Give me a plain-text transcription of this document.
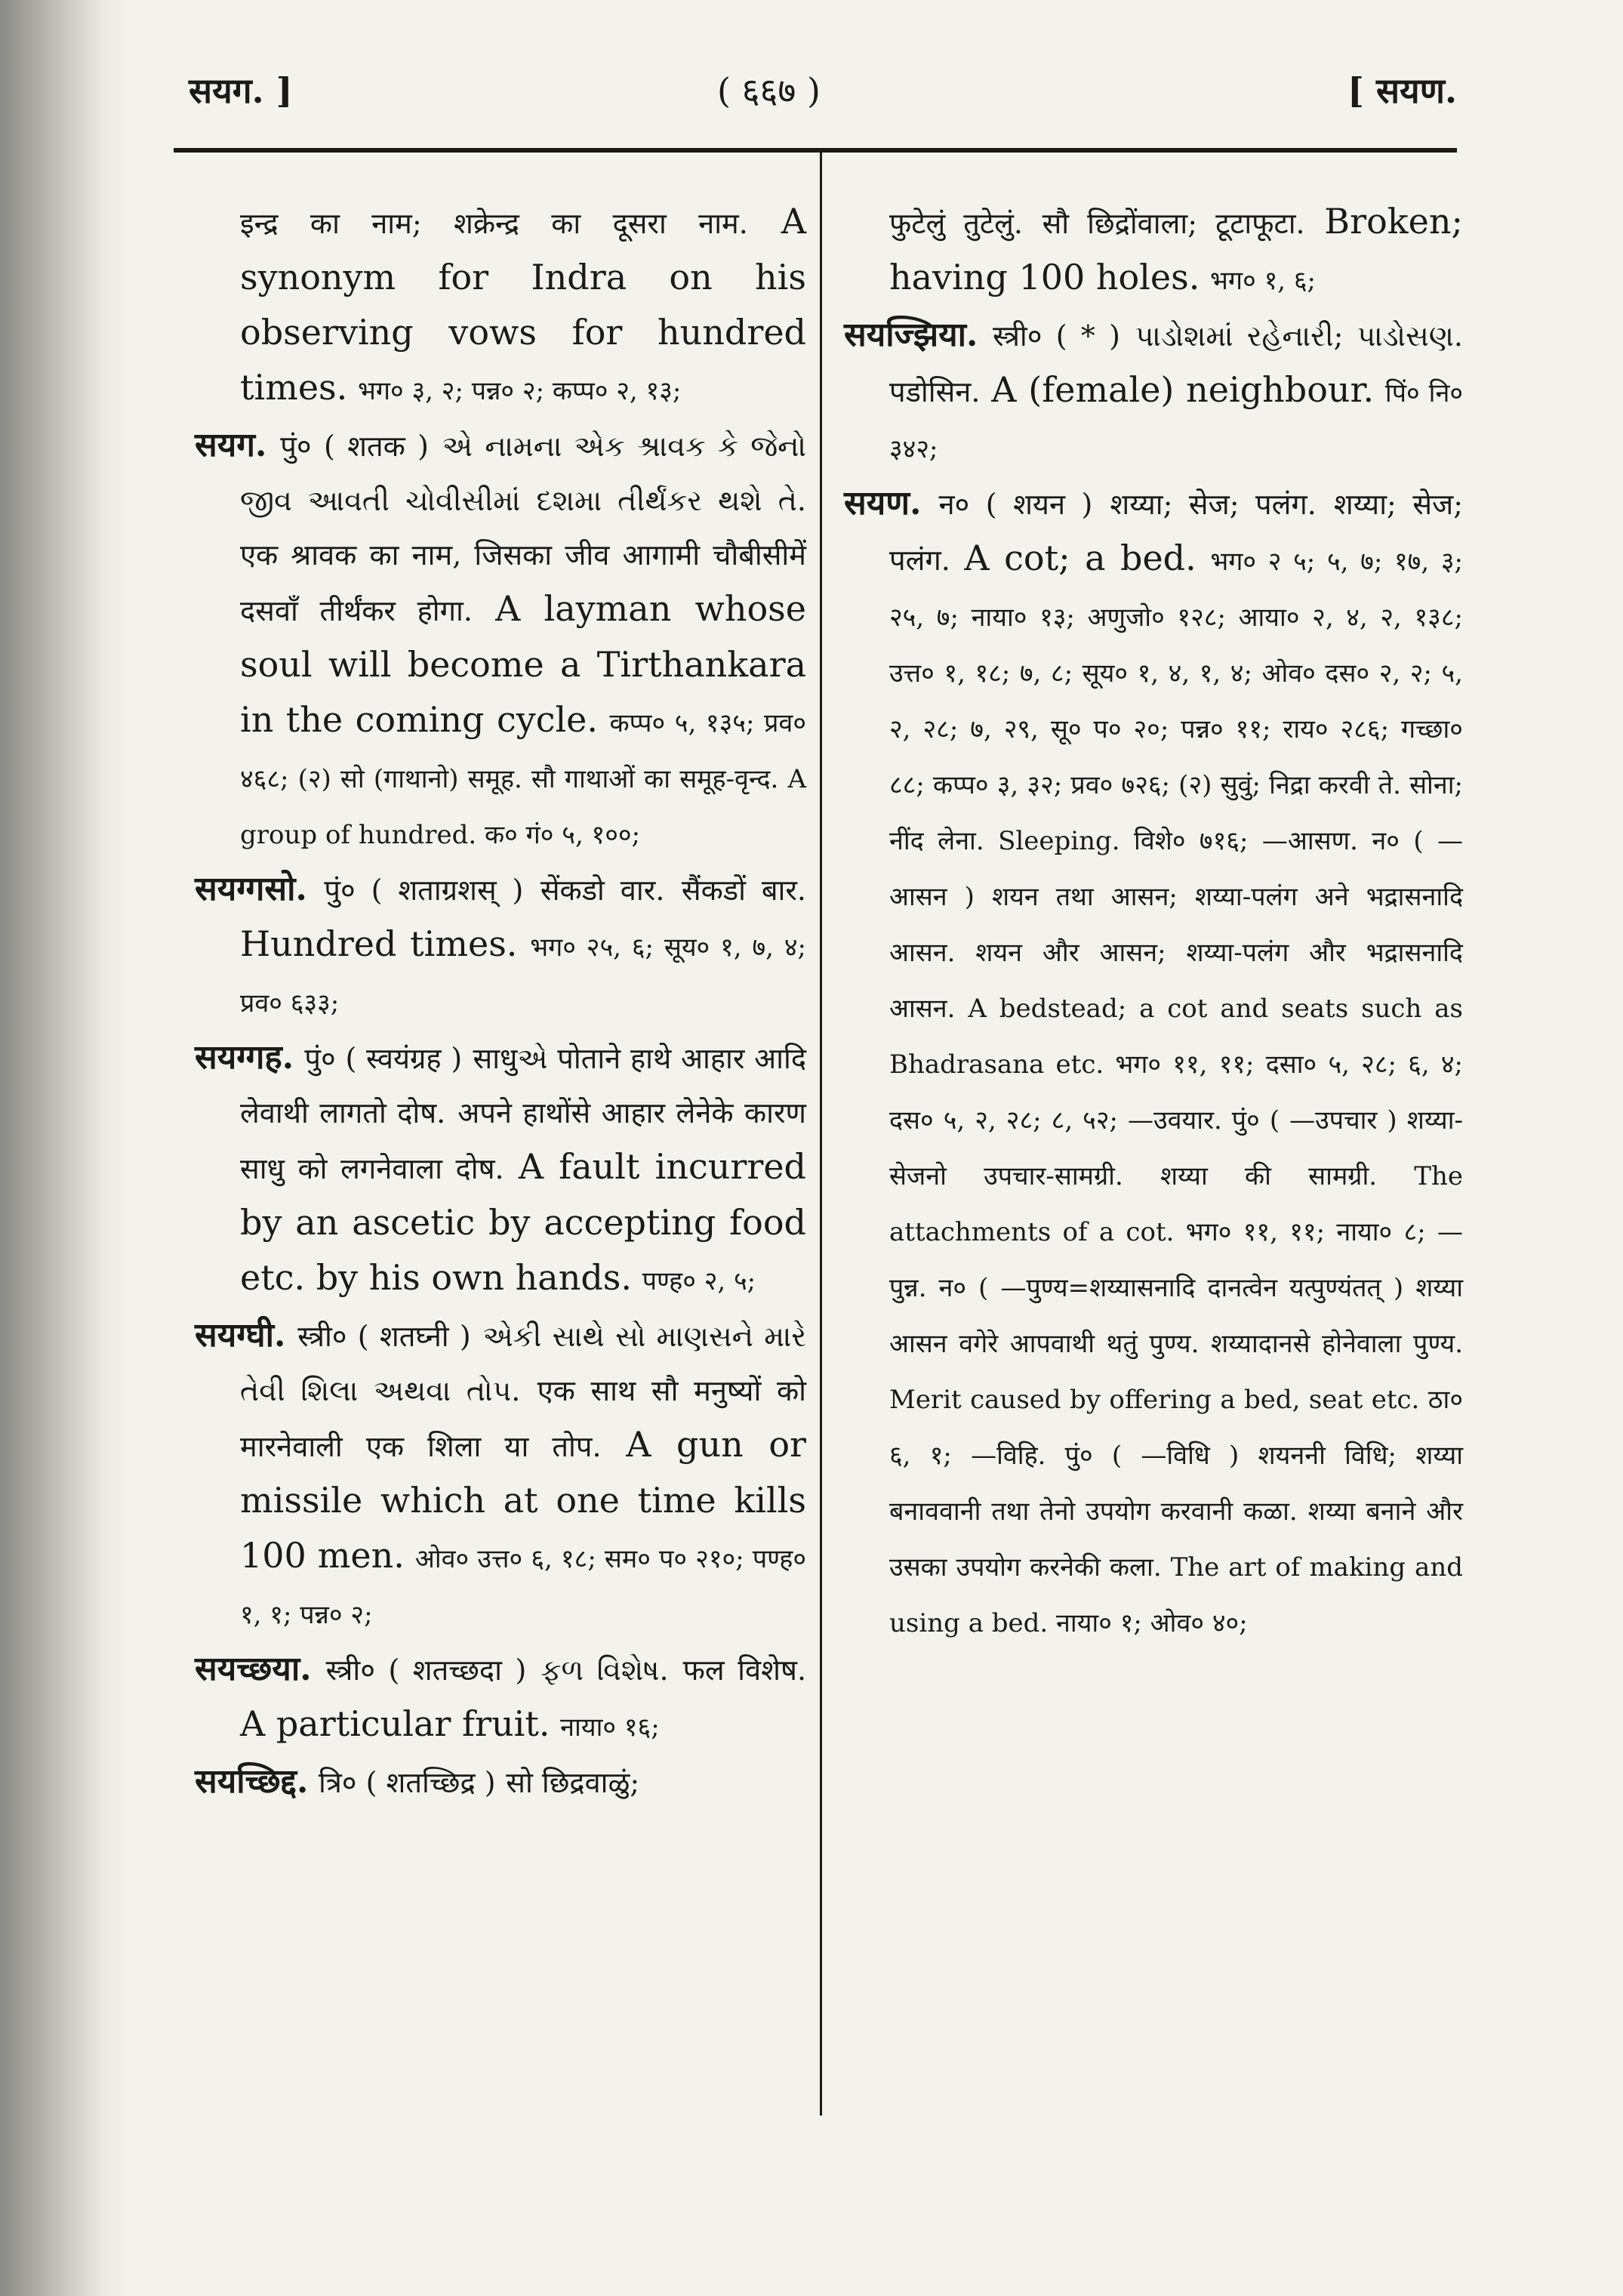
सयग. ]	( ६६७ )	[ सयण.

इन्द्र का नाम; शक्रेन्द्र का दूसरा नाम. A synonym for Indra on his observing vows for hundred times. भग० ३, २; पन्न० २; कप्प० २, १३;

सयग. पुं० ( शतक ) એ નામના એક શ્રાવક કે જેનો જીવ આવતી ચોવીસીમાં દશમા તીર્થંકર થશે તે. एक श्रावक का नाम, जिसका जीव आगामी चौबीसीमें दसवाँ तीर्थंकर होगा. A layman whose soul will become a Tirthankara in the coming cycle. कप्प० ५, १३५; प्रव० ४६८; (२) सो (गाथानो) समूह. सौ गाथाओं का समूह-वृन्द. A group of hundred. क० गं० ५, १००;

सयग्गसो. पुं० ( शताग्रशस् ) सेंकडो वार. सैंकडों बार. Hundred times. भग० २५, ६; सूय० १, ७, ४; प्रव० ६३३;

सयग्गह. पुं० ( स्वयंग्रह ) साधुએ पोताने हाथे आहार आदि लेवाथी लागतो दोष. अपने हाथोंसे आहार लेनेके कारण साधु को लगनेवाला दोष. A fault incurred by an ascetic by accepting food etc. by his own hands. पण्ह० २, ५;

सयग्घी. स्त्री० ( शतघ्नी ) એકી સાથે સો માણસને મારે તેવી શિલા અથવા તોપ. एक साथ सौ मनुष्यों को मारनेवाली एक शिला या तोप. A gun or missile which at one time kills 100 men. ओव० उत्त० ६, १८; सम० प० २१०; पण्ह० १, १; पन्न० २;

सयच्छया. स्त्री० ( शतच्छदा ) ફળ વિશેષ. फल विशेष. A particular fruit. नाया० १६;

सयच्छिद्द. त्रि० ( शतच्छिद्र ) सो छिद्रवाळुं;

फुटेलुं तुटेलुं. सौ छिद्रोंवाला; टूटाफूटा. Broken; having 100 holes. भग० १, ६;

सयज्झिया. स्त्री० ( * ) પાડોશમાં રહેનારી; પાડોસણ. पडोसिन. A (female) neighbour. पिं० नि० ३४२;

सयण. न० ( शयन ) शय्या; सेज; पलंग. शय्या; सेज; पलंग. A cot; a bed. भग० २ ५; ५, ७; १७, ३; २५, ७; नाया० १३; अणुजो० १२८; आया० २, ४, २, १३८; उत्त० १, १८; ७, ८; सूय० १, ४, १, ४; ओव० दस० २, २; ५, २, २८; ७, २९, सू० प० २०; पन्न० ११; राय० २८६; गच्छा० ८८; कप्प० ३, ३२; प्रव० ७२६; (२) सुवुं; निद्रा करवी ते. सोना; नींद लेना. Sleeping. विशे० ७१६; —आसण. न० ( —आसन ) शयन तथा आसन; शय्या-पलंग अने भद्रासनादि आसन. शयन और आसन; शय्या-पलंग और भद्रासनादि आसन. A bedstead; a cot and seats such as Bhadrasana etc. भग० ११, ११; दसा० ५, २८; ६, ४; दस० ५, २, २८; ८, ५२; —उवयार. पुं० ( —उपचार ) शय्या-सेजनो उपचार-सामग्री. शय्या की सामग्री. The attachments of a cot. भग० ११, ११; नाया० ८; —पुन्न. न० ( —पुण्य=शय्यासनादि दानत्वेन यत्पुण्यंतत् ) शय्या आसन वगेरे आपवाथी थतुं पुण्य. शय्यादानसे होनेवाला पुण्य. Merit caused by offering a bed, seat etc. ठा० ६, १; —विहि. पुं० ( —विधि ) शयननी विधि; शय्या बनाववानी तथा तेनो उपयोग करवानी कळा. शय्या बनाने और उसका उपयोग करनेकी कला. The art of making and using a bed. नाया० १; ओव० ४०;
